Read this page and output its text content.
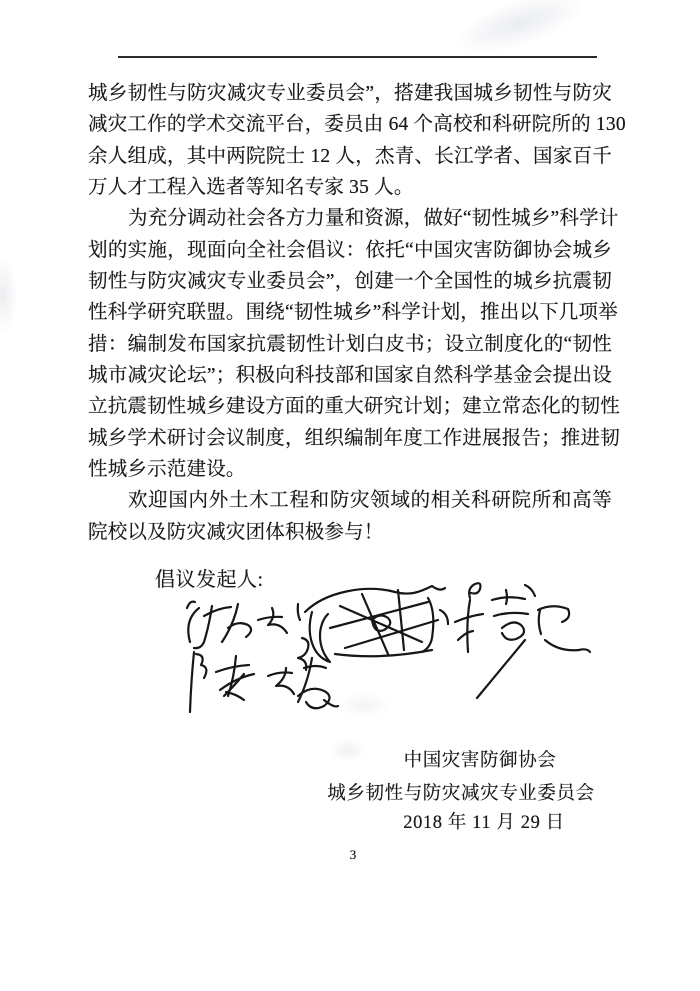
城乡韧性与防灾减灾专业委员会”，搭建我国城乡韧性与防灾
减灾工作的学术交流平台，委员由 64 个高校和科研院所的 130
余人组成，其中两院院士 12 人，杰青、长江学者、国家百千
万人才工程入选者等知名专家 35 人。
为充分调动社会各方力量和资源，做好“韧性城乡”科学计
划的实施，现面向全社会倡议：依托“中国灾害防御协会城乡
韧性与防灾减灾专业委员会”，创建一个全国性的城乡抗震韧
性科学研究联盟。围绕“韧性城乡”科学计划，推出以下几项举
措：编制发布国家抗震韧性计划白皮书；设立制度化的“韧性
城市减灾论坛”；积极向科技部和国家自然科学基金会提出设
立抗震韧性城乡建设方面的重大研究计划；建立常态化的韧性
城乡学术研讨会议制度，组织编制年度工作进展报告；推进韧
性城乡示范建设。
欢迎国内外土木工程和防灾领域的相关科研院所和高等
院校以及防灾减灾团体积极参与！
倡议发起人:
中国灾害防御协会
城乡韧性与防灾减灾专业委员会
2018 年 11 月 29 日
3
